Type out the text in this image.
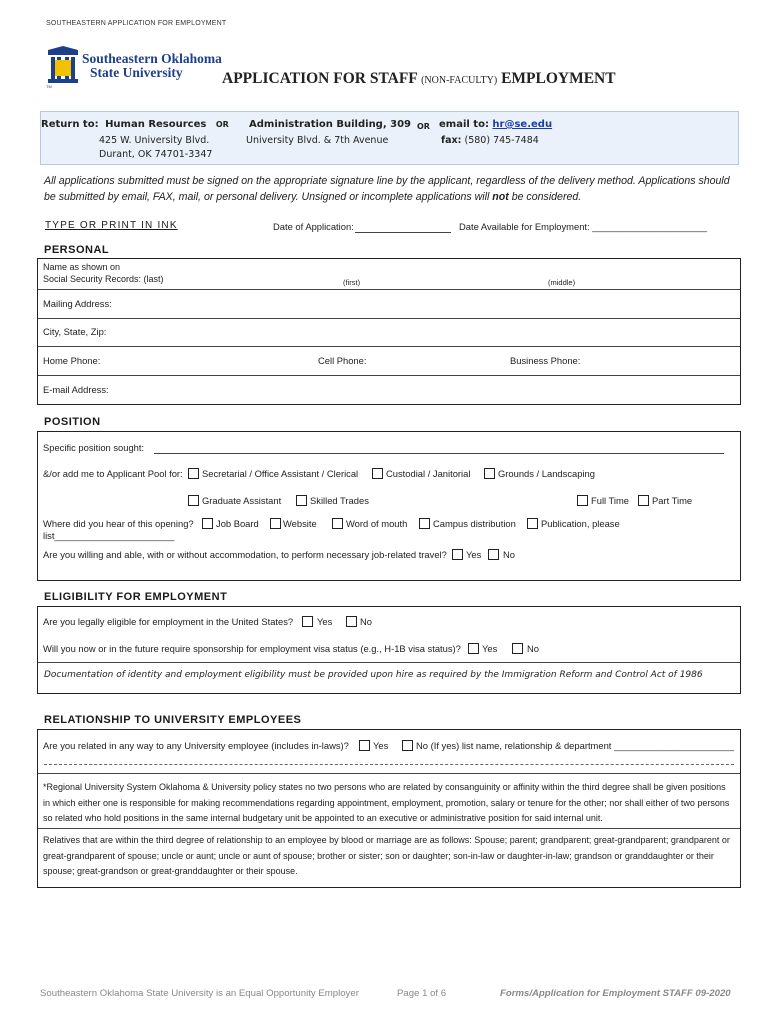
SOUTHEASTERN APPLICATION FOR EMPLOYMENT
TM
Southeastern Oklahoma
State University	APPLICATION FOR STAFF (NON-FACULTY) EMPLOYMENT
Return to: Human Resources OR
425 W. University Blvd.
Durant, OK 74701-3347
Administration Building, 309
University Blvd. & 7th Avenue
OR email to: hr@se.edu
fax: (580) 745-7484
All applications submitted must be signed on the appropriate signature line by the applicant, regardless of the delivery method. Applications should be submitted by email, FAX, mail, or personal delivery. Unsigned or incomplete applications will not be considered.
TYPE OR PRINT IN INK	Date of Application:	Date Available for Employment: ______________________
PERSONAL
Name as shown on
Social Security Records: (last)	(first)	(middle)
Mailing Address:
City, State, Zip:
Home Phone:	Cell Phone:	Business Phone:
E-mail Address:
POSITION
Specific position sought:
&/or add me to Applicant Pool for: Secretarial / Office Assistant / Clerical	Custodial / Janitorial	Grounds / Landscaping
Graduate Assistant	Skilled Trades	Full Time Part Time
Where did you hear of this opening? Job Board	Website	Word of mouth	Campus distribution	Publication, please
list_______________________
Are you willing and able, with or without accommodation, to perform necessary job-related travel? Yes No
ELIGIBILITY FOR EMPLOYMENT
Are you legally eligible for employment in the United States?	Yes	No
Will you now or in the future require sponsorship for employment visa status (e.g., H-1B visa status)? Yes	No
Documentation of identity and employment eligibility must be provided upon hire as required by the Immigration Reform and Control Act of 1986
RELATIONSHIP TO UNIVERSITY EMPLOYEES
Are you related in any way to any University employee (includes in-laws)?	Yes	No (If yes) list name, relationship & department _______________________
*Regional University System Oklahoma & University policy states no two persons who are related by consanguinity or affinity within the third degree shall be given positions in which either one is responsible for making recommendations regarding appointment, employment, promotion, salary or tenure for the other; nor shall either of two persons so related who hold positions in the same internal budgetary unit be appointed to an executive or administrative position for said internal unit.
Relatives that are within the third degree of relationship to an employee by blood or marriage are as follows: Spouse; parent; grandparent; great-grandparent; grandparent or great-grandparent of spouse; uncle or aunt; uncle or aunt of spouse; brother or sister; son or daughter; son-in-law or daughter-in-law; grandson or granddaughter or their spouse; great-grandson or great-granddaughter or their spouse.
Southeastern Oklahoma State University is an Equal Opportunity Employer	Page 1 of 6	Forms/Application for Employment STAFF 09-2020
